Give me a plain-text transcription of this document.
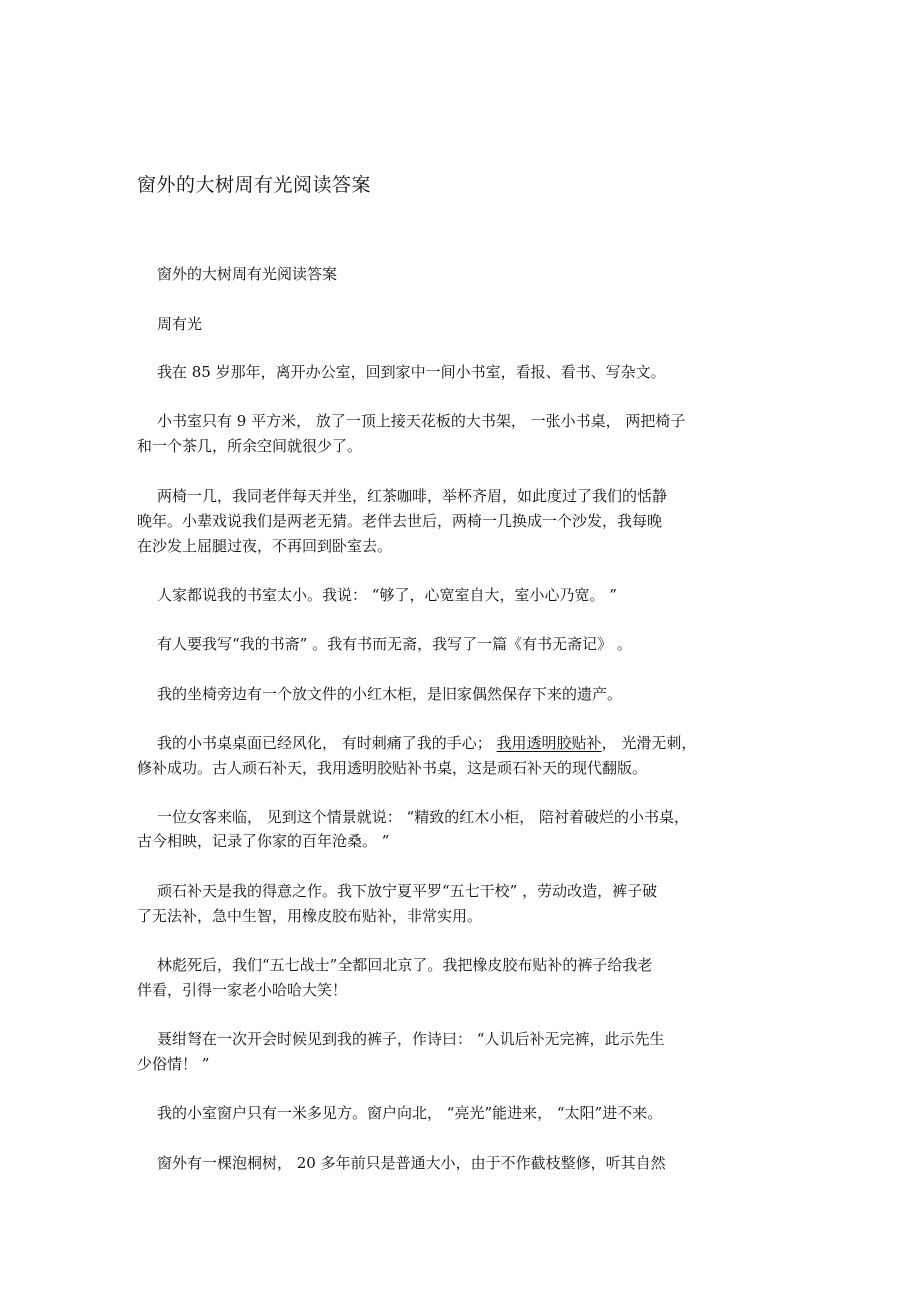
窗外的大树周有光阅读答案
窗外的大树周有光阅读答案
周有光
我在 85 岁那年，离开办公室，回到家中一间小书室，看报、看书、写杂文。
小书室只有 9 平方米， 放了一顶上接天花板的大书架， 一张小书桌， 两把椅子
和一个茶几，所余空间就很少了。
两椅一几，我同老伴每天并坐，红茶咖啡，举杯齐眉，如此度过了我们的恬静
晚年。小辈戏说我们是两老无猜。老伴去世后，两椅一几换成一个沙发，我每晚
在沙发上屈腿过夜，不再回到卧室去。
人家都说我的书室太小。我说： “够了，心宽室自大，室小心乃宽。 ”
有人要我写“我的书斋” 。我有书而无斋，我写了一篇《有书无斋记》 。
我的坐椅旁边有一个放文件的小红木柜，是旧家偶然保存下来的遗产。
我的小书桌桌面已经风化， 有时刺痛了我的手心； 我用透明胶贴补， 光滑无刺，
修补成功。古人顽石补天，我用透明胶贴补书桌，这是顽石补天的现代翻版。
一位女客来临， 见到这个情景就说： “精致的红木小柜， 陪衬着破烂的小书桌，
古今相映，记录了你家的百年沧桑。 ”
顽石补天是我的得意之作。我下放宁夏平罗“五七干校” ，劳动改造，裤子破
了无法补，急中生智，用橡皮胶布贴补，非常实用。
林彪死后，我们“五七战士”全都回北京了。我把橡皮胶布贴补的裤子给我老
伴看，引得一家老小哈哈大笑！
聂绀弩在一次开会时候见到我的裤子，作诗曰： “人讥后补无完裤，此示先生
少俗情！ ”
我的小室窗户只有一米多见方。窗户向北， “亮光”能进来， “太阳”进不来。
窗外有一棵泡桐树， 20 多年前只是普通大小，由于不作截枝整修，听其自然
